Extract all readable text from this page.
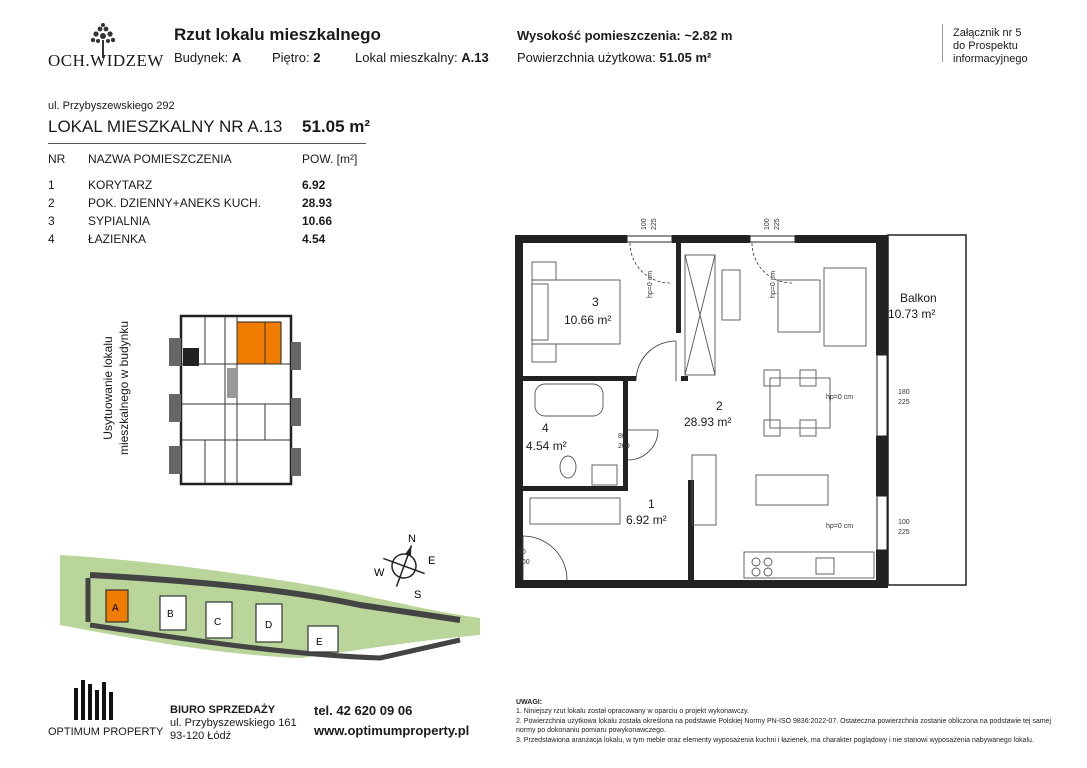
OCH.WIDZEW
Rzut lokalu mieszkalnego
Budynek: A Piętro: 2	Lokal mieszkalny: A.13
Wysokość pomieszczenia: ~2.82 m
Powierzchnia użytkowa: 51.05 m²
Załącznik nr 5
do Prospektu
informacyjnego
ul. Przybyszewskiego 292
LOKAL MIESZKALNY NR A.13 51.05 m²
NR NAZWA POMIESZCZENIA	POW. [m²]
1	KORYTARZ	6.92
2	POK. DZIENNY+ANEKS KUCH.	28.93
3	SYPIALNIA	10.66
4	ŁAZIENKA	4.54
Usytuowanie lokalu mieszkalnego w budynku
N
E
S
W
A
B
C	D
E
3
10.66 m²
2
28.93 m²
4
4.54 m²
1
6.92 m²
Balkon
10.73 m²
hp=0 cm
hp=0 cm
hp=0 cm	hp=0 cm
100 225	100 225
180
225
100
225
80
200
90
200
OPTIMUM PROPERTY
BIURO SPRZEDAŻY
ul. Przybyszewskiego 161
93-120 Łódź
tel. 42 620 09 06
www.optimumproperty.pl
UWAGI:
1. Niniejszy rzut lokalu został opracowany w oparciu o projekt wykonawczy.
2. Powierzchnia użytkowa lokalu została określona na podstawie Polskiej Normy PN-ISO 9836:2022-07. Ostateczna powierzchnia zostanie obliczona na podstawie tej samej
normy po dokonaniu pomiaru powykonawczego.
3. Przedstawiona aranżacja lokalu, w tym meble oraz elementy wyposażenia kuchni i łazienek, ma charakter poglądowy i nie stanowi wyposażenia nabywanego lokalu.
